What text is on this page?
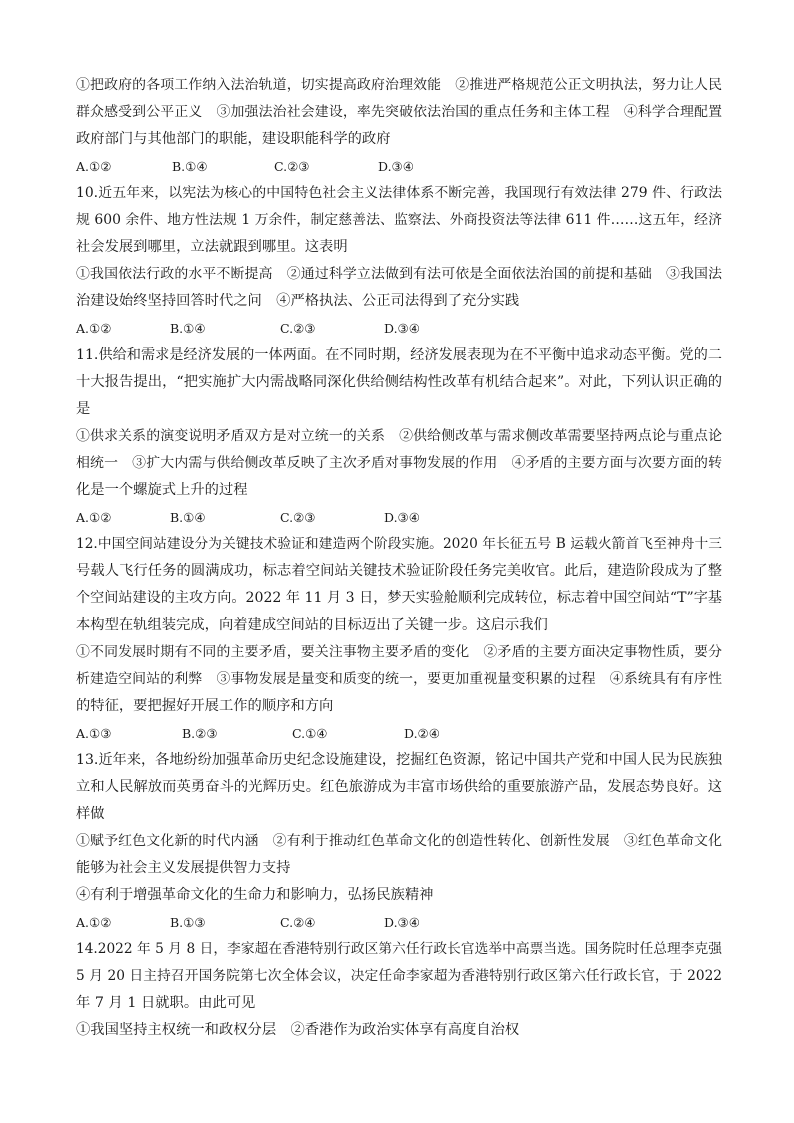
①把政府的各项工作纳入法治轨道，切实提高政府治理效能　②推进严格规范公正文明执法，努力让人民
群众感受到公平正义　③加强法治社会建设，率先突破依法治国的重点任务和主体工程　④科学合理配置
政府部门与其他部门的职能，建设职能科学的政府
A.①②	B.①④	C.②③	D.③④
10.近五年来，以宪法为核心的中国特色社会主义法律体系不断完善，我国现行有效法律 279 件、行政法
规 600 余件、地方性法规 1 万余件，制定慈善法、监察法、外商投资法等法律 611 件……这五年，经济
社会发展到哪里，立法就跟到哪里。这表明
①我国依法行政的水平不断提高　②通过科学立法做到有法可依是全面依法治国的前提和基础　③我国法
治建设始终坚持回答时代之问　④严格执法、公正司法得到了充分实践
A.①②	B.①④	C.②③	D.③④
11.供给和需求是经济发展的一体两面。在不同时期，经济发展表现为在不平衡中追求动态平衡。党的二
十大报告提出，“把实施扩大内需战略同深化供给侧结构性改革有机结合起来”。对此，下列认识正确的
是
①供求关系的演变说明矛盾双方是对立统一的关系　②供给侧改革与需求侧改革需要坚持两点论与重点论
相统一　③扩大内需与供给侧改革反映了主次矛盾对事物发展的作用　④矛盾的主要方面与次要方面的转
化是一个螺旋式上升的过程
A.①②	B.①④	C.②③	D.③④
12.中国空间站建设分为关键技术验证和建造两个阶段实施。2020 年长征五号 B 运载火箭首飞至神舟十三
号载人飞行任务的圆满成功，标志着空间站关键技术验证阶段任务完美收官。此后，建造阶段成为了整
个空间站建设的主攻方向。2022 年 11 月 3 日，梦天实验舱顺利完成转位，标志着中国空间站“T”字基
本构型在轨组装完成，向着建成空间站的目标迈出了关键一步。这启示我们
①不同发展时期有不同的主要矛盾，要关注事物主要矛盾的变化　②矛盾的主要方面决定事物性质，要分
析建造空间站的利弊　③事物发展是量变和质变的统一，要更加重视量变积累的过程　④系统具有有序性
的特征，要把握好开展工作的顺序和方向
A.①③	B.②③	C.①④	D.②④
13.近年来，各地纷纷加强革命历史纪念设施建设，挖掘红色资源，铭记中国共产党和中国人民为民族独
立和人民解放而英勇奋斗的光辉历史。红色旅游成为丰富市场供给的重要旅游产品，发展态势良好。这
样做
①赋予红色文化新的时代内涵　②有利于推动红色革命文化的创造性转化、创新性发展　③红色革命文化
能够为社会主义发展提供智力支持
④有利于增强革命文化的生命力和影响力，弘扬民族精神
A.①②	B.①③	C.②④	D.③④
14.2022 年 5 月 8 日，李家超在香港特别行政区第六任行政长官选举中高票当选。国务院时任总理李克强
5 月 20 日主持召开国务院第七次全体会议，决定任命李家超为香港特别行政区第六任行政长官，于 2022
年 7 月 1 日就职。由此可见
①我国坚持主权统一和政权分层　②香港作为政治实体享有高度自治权
